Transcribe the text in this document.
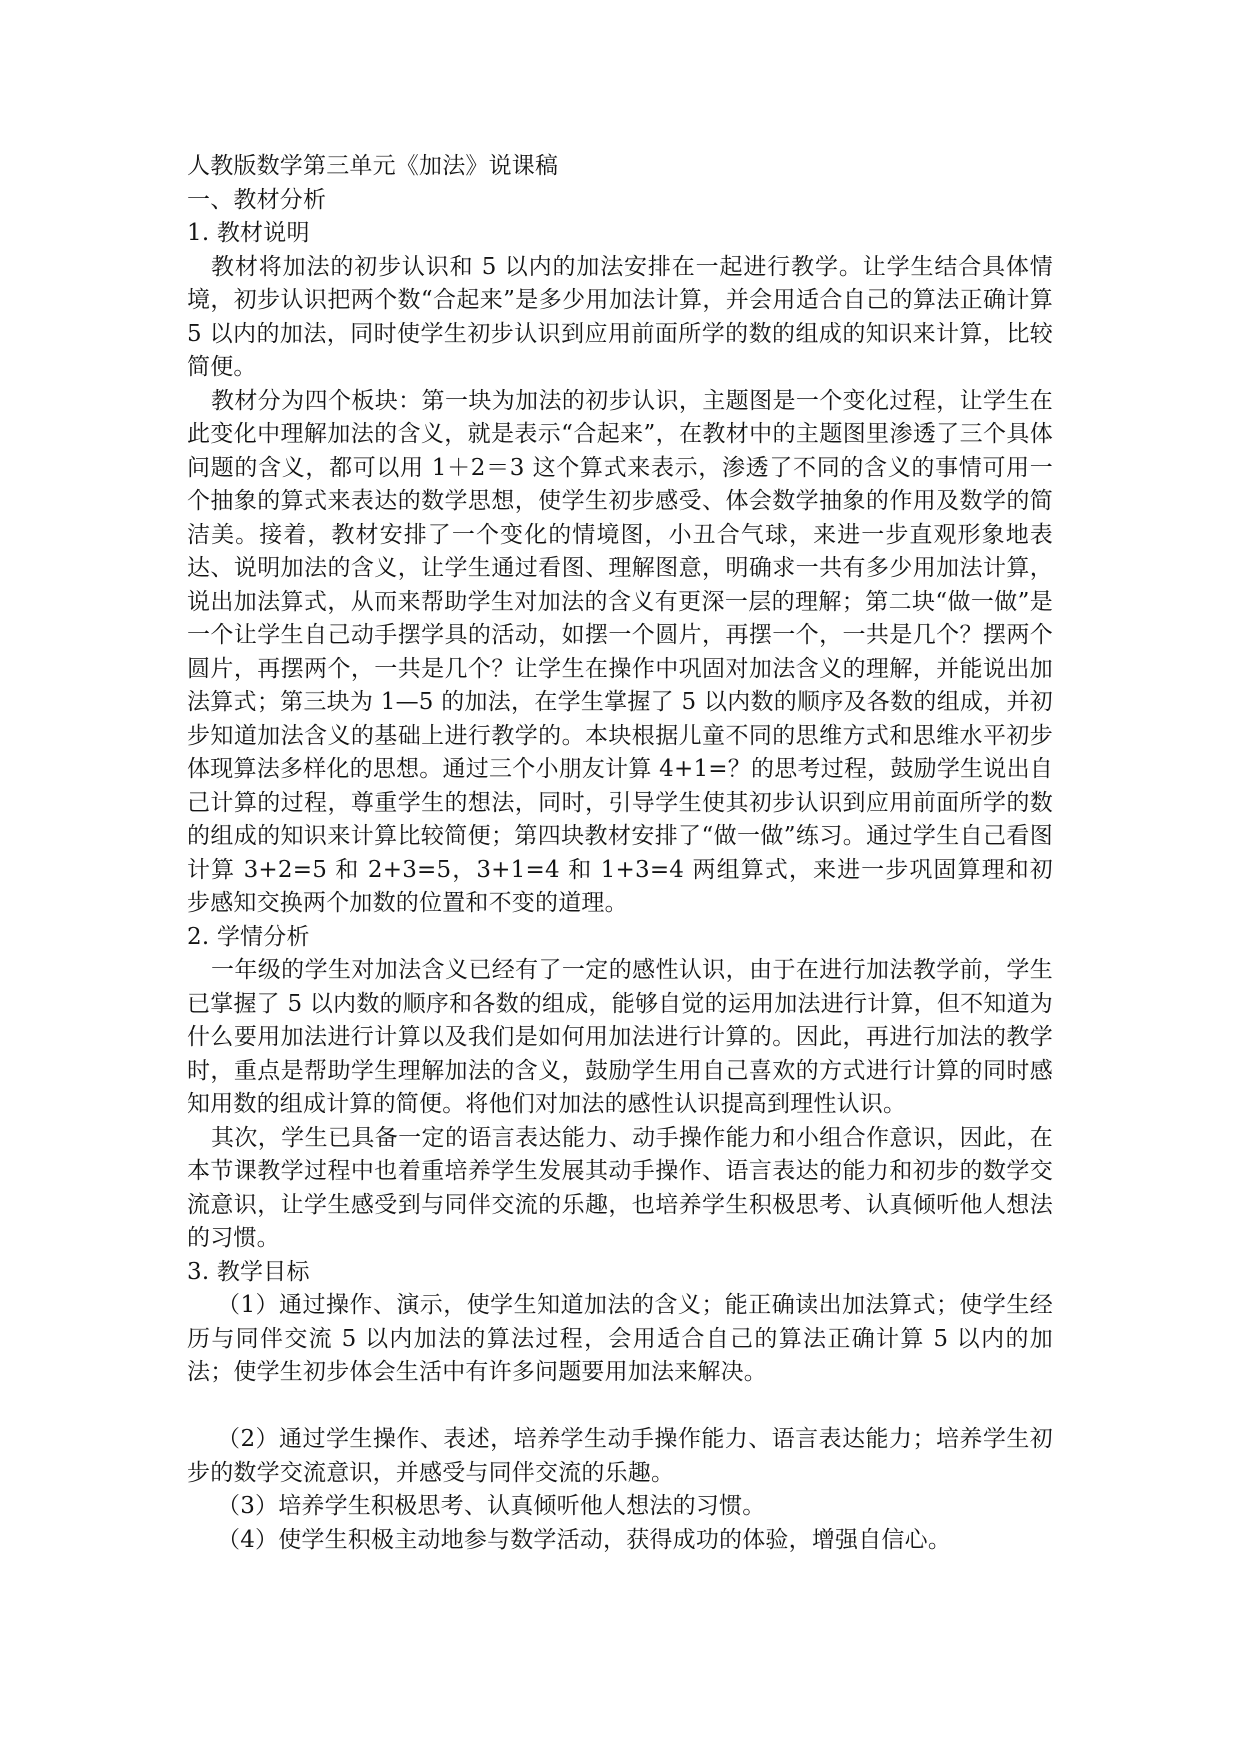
人教版数学第三单元《加法》说课稿

一、教材分析

1. 教材说明

教材将加法的初步认识和 5 以内的加法安排在一起进行教学。让学生结合具体情境，初步认识把两个数“合起来”是多少用加法计算，并会用适合自己的算法正确计算 5 以内的加法，同时使学生初步认识到应用前面所学的数的组成的知识来计算，比较简便。

教材分为四个板块：第一块为加法的初步认识，主题图是一个变化过程，让学生在此变化中理解加法的含义，就是表示“合起来”，在教材中的主题图里渗透了三个具体问题的含义，都可以用 1＋2＝3 这个算式来表示，渗透了不同的含义的事情可用一个抽象的算式来表达的数学思想，使学生初步感受、体会数学抽象的作用及数学的简洁美。接着，教材安排了一个变化的情境图，小丑合气球，来进一步直观形象地表达、说明加法的含义，让学生通过看图、理解图意，明确求一共有多少用加法计算，说出加法算式，从而来帮助学生对加法的含义有更深一层的理解；第二块“做一做”是一个让学生自己动手摆学具的活动，如摆一个圆片，再摆一个，一共是几个？摆两个圆片，再摆两个，一共是几个？让学生在操作中巩固对加法含义的理解，并能说出加法算式；第三块为 1—5 的加法，在学生掌握了 5 以内数的顺序及各数的组成，并初步知道加法含义的基础上进行教学的。本块根据儿童不同的思维方式和思维水平初步体现算法多样化的思想。通过三个小朋友计算 4+1=？的思考过程，鼓励学生说出自己计算的过程，尊重学生的想法，同时，引导学生使其初步认识到应用前面所学的数的组成的知识来计算比较简便；第四块教材安排了“做一做”练习。通过学生自己看图计算 3+2=5 和 2+3=5，3+1=4 和 1+3=4 两组算式，来进一步巩固算理和初步感知交换两个加数的位置和不变的道理。

2. 学情分析

一年级的学生对加法含义已经有了一定的感性认识，由于在进行加法教学前，学生已掌握了 5 以内数的顺序和各数的组成，能够自觉的运用加法进行计算，但不知道为什么要用加法进行计算以及我们是如何用加法进行计算的。因此，再进行加法的教学时，重点是帮助学生理解加法的含义，鼓励学生用自己喜欢的方式进行计算的同时感知用数的组成计算的简便。将他们对加法的感性认识提高到理性认识。

其次，学生已具备一定的语言表达能力、动手操作能力和小组合作意识，因此，在本节课教学过程中也着重培养学生发展其动手操作、语言表达的能力和初步的数学交流意识，让学生感受到与同伴交流的乐趣，也培养学生积极思考、认真倾听他人想法的习惯。

3. 教学目标

（1）通过操作、演示，使学生知道加法的含义；能正确读出加法算式；使学生经历与同伴交流 5 以内加法的算法过程，会用适合自己的算法正确计算 5 以内的加法；使学生初步体会生活中有许多问题要用加法来解决。

（2）通过学生操作、表述，培养学生动手操作能力、语言表达能力；培养学生初步的数学交流意识，并感受与同伴交流的乐趣。

（3）培养学生积极思考、认真倾听他人想法的习惯。

（4）使学生积极主动地参与数学活动，获得成功的体验，增强自信心。
